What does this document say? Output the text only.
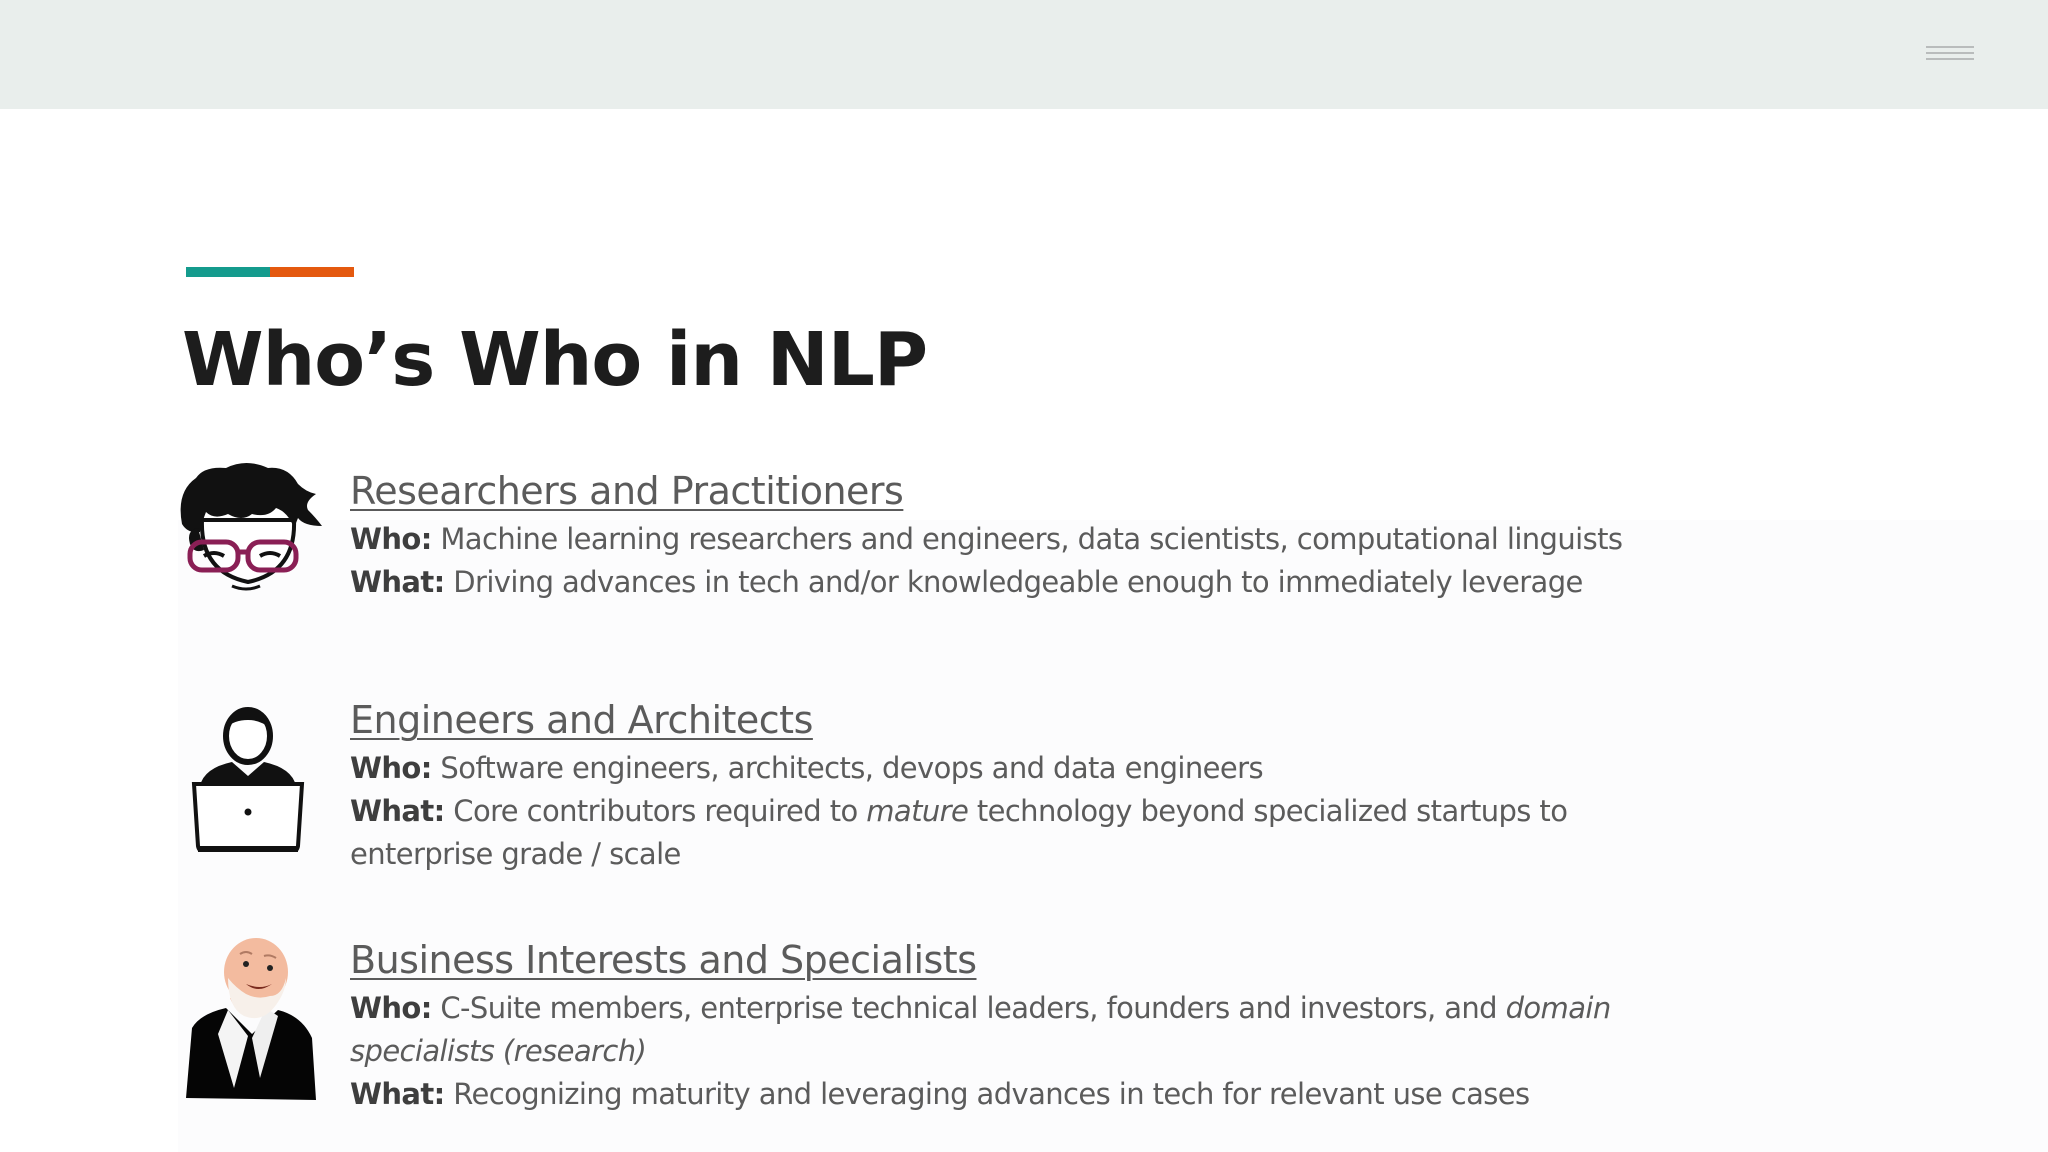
Who’s Who in NLP
Researchers and Practitioners
Who: Machine learning researchers and engineers, data scientists, computational linguists
What: Driving advances in tech and/or knowledgeable enough to immediately leverage
Engineers and Architects
Who: Software engineers, architects, devops and data engineers
What: Core contributors required to mature technology beyond specialized startups to enterprise grade / scale
Business Interests and Specialists
Who: C-Suite members, enterprise technical leaders, founders and investors, and domain specialists (research)
What: Recognizing maturity and leveraging advances in tech for relevant use cases
